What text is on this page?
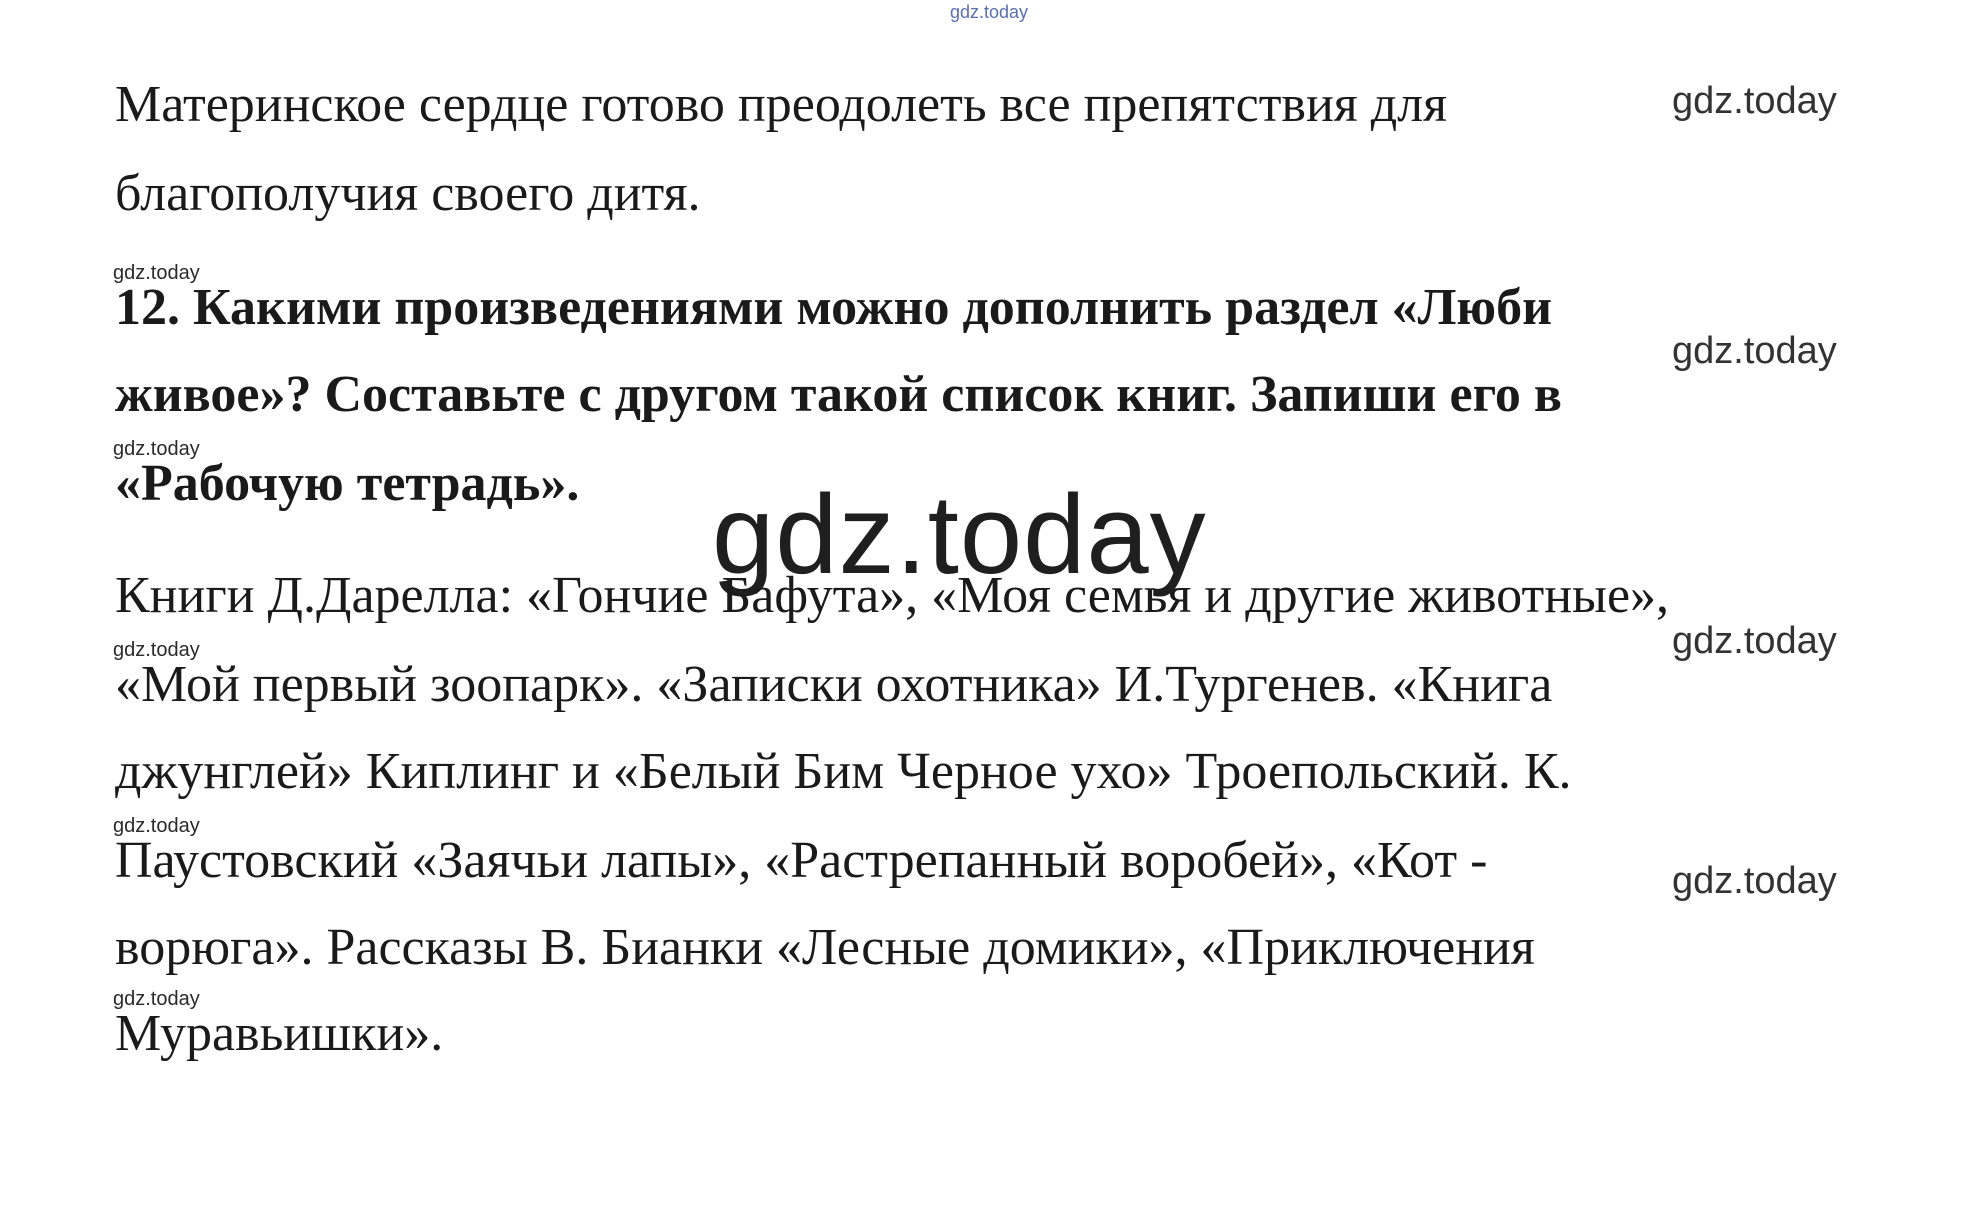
gdz.today
Материнское сердце готово преодолеть все препятствия для	gdz.today
благополучия своего дитя.
gdz.today
12. Какими произведениями можно дополнить раздел «Люби
gdz.today
живое»? Составьте с другом такой список книг. Запиши его в
gdz.today
«Рабочую тетрадь». gdz.today
Книги Д.Дарелла: «Гончие Бафута», «Моя семья и другие животные»,
gdz.today	gdz.today
«Мой первый зоопарк». «Записки охотника» И.Тургенев. «Книга
джунглей» Киплинг и «Белый Бим Черное ухо» Троепольский. К.
gdz.today
Паустовский «Заячьи лапы», «Растрепанный воробей», «Кот -	gdz.today
ворюга». Рассказы В. Бианки «Лесные домики», «Приключения
gdz.today
Муравьишки».
